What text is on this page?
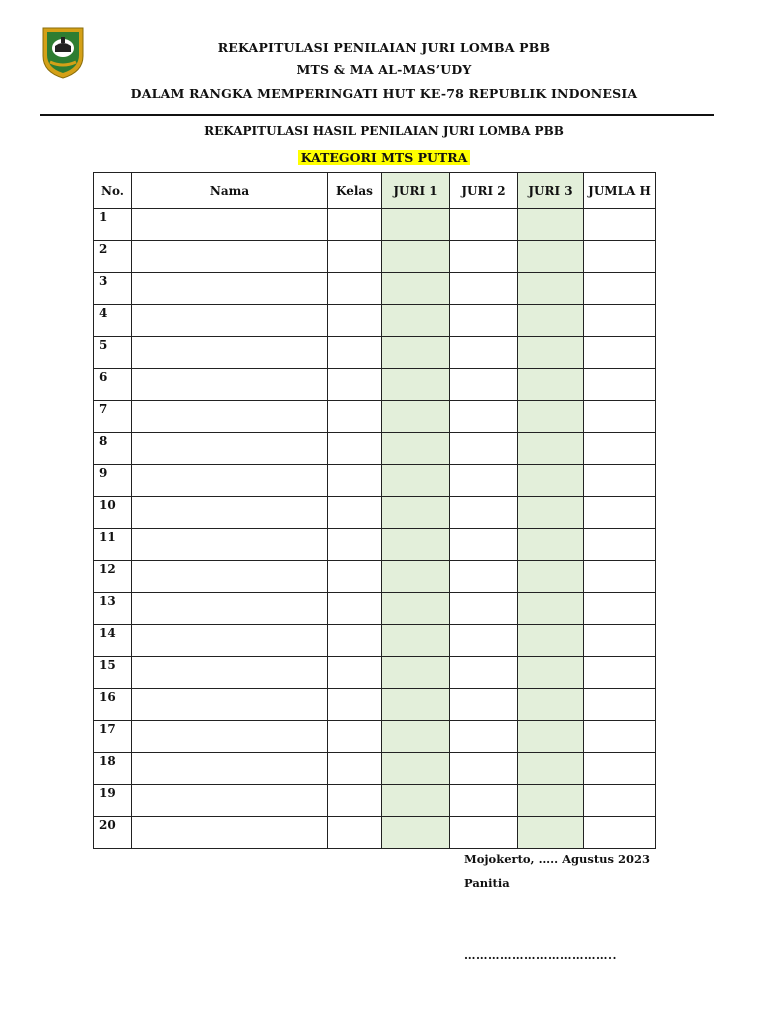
REKAPITULASI PENILAIAN JURI LOMBA PBB
MTS & MA AL-MAS’UDY
DALAM RANGKA MEMPERINGATI HUT KE-78 REPUBLIK INDONESIA
REKAPITULASI HASIL PENILAIAN JURI LOMBA PBB
KATEGORI MTS PUTRA
No.	Nama	Kelas	JURI 1	JURI 2	JURI 3	JUMLA H
1						
2						
3						
4						
5						
6						
7						
8						
9						
10						
11						
12						
13						
14						
15						
16						
17						
18						
19						
20						
Mojokerto, ….. Agustus 2023
Panitia
………………………………..
